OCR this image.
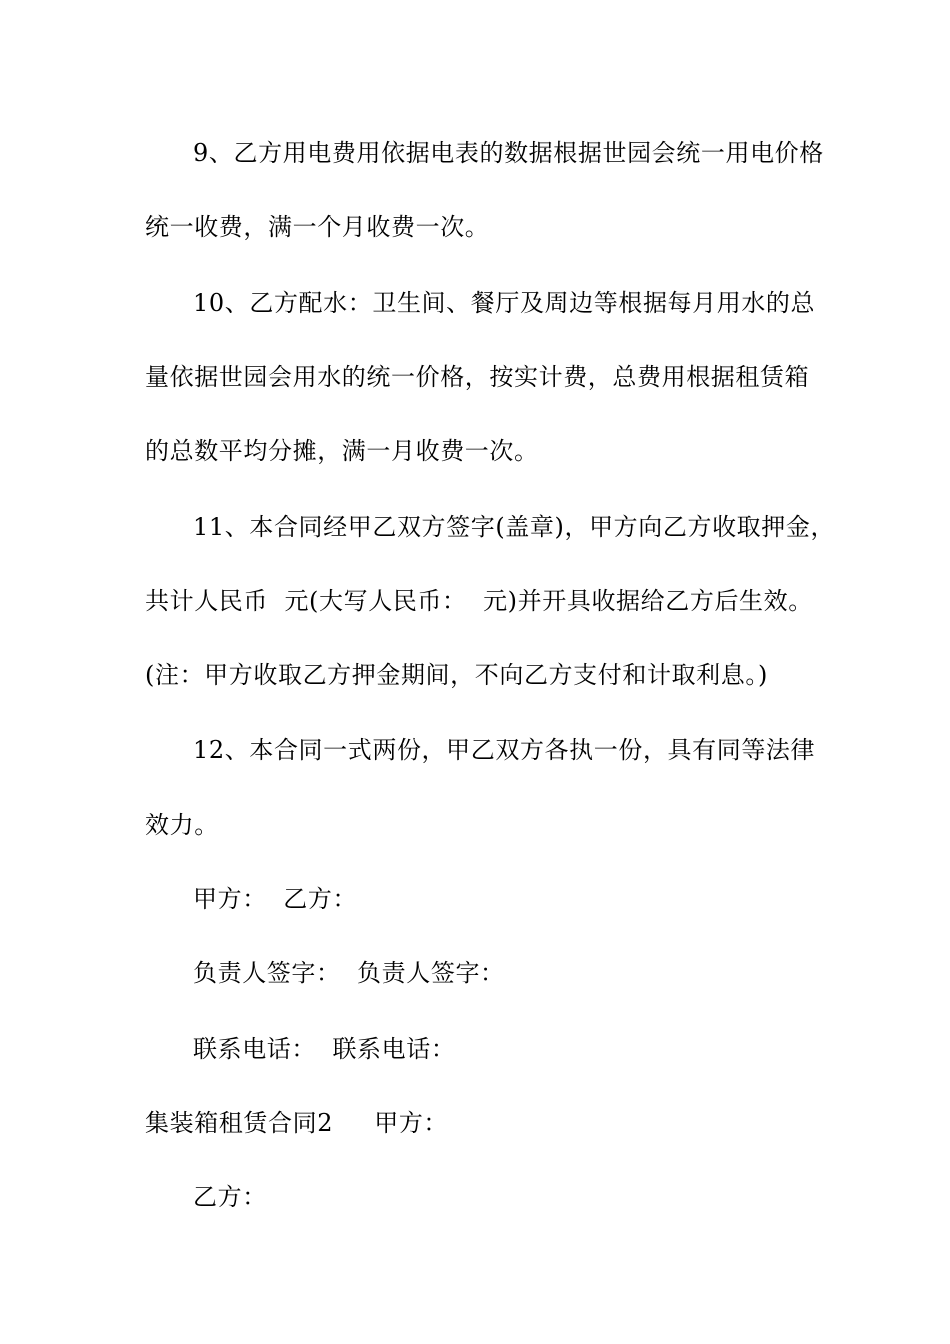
9、乙方用电费用依据电表的数据根据世园会统一用电价格
统一收费，满一个月收费一次。
10、乙方配水：卫生间、餐厅及周边等根据每月用水的总
量依据世园会用水的统一价格，按实计费，总费用根据租赁箱
的总数平均分摊，满一月收费一次。
11、本合同经甲乙双方签字(盖章)，甲方向乙方收取押金，
共计人民币  元(大写人民币：  元)并开具收据给乙方后生效。
(注：甲方收取乙方押金期间，不向乙方支付和计取利息。)
12、本合同一式两份，甲乙双方各执一份，具有同等法律
效力。
甲方：  乙方：
负责人签字：  负责人签字：
联系电话：  联系电话：
集装箱租赁合同2     甲方：
乙方：
